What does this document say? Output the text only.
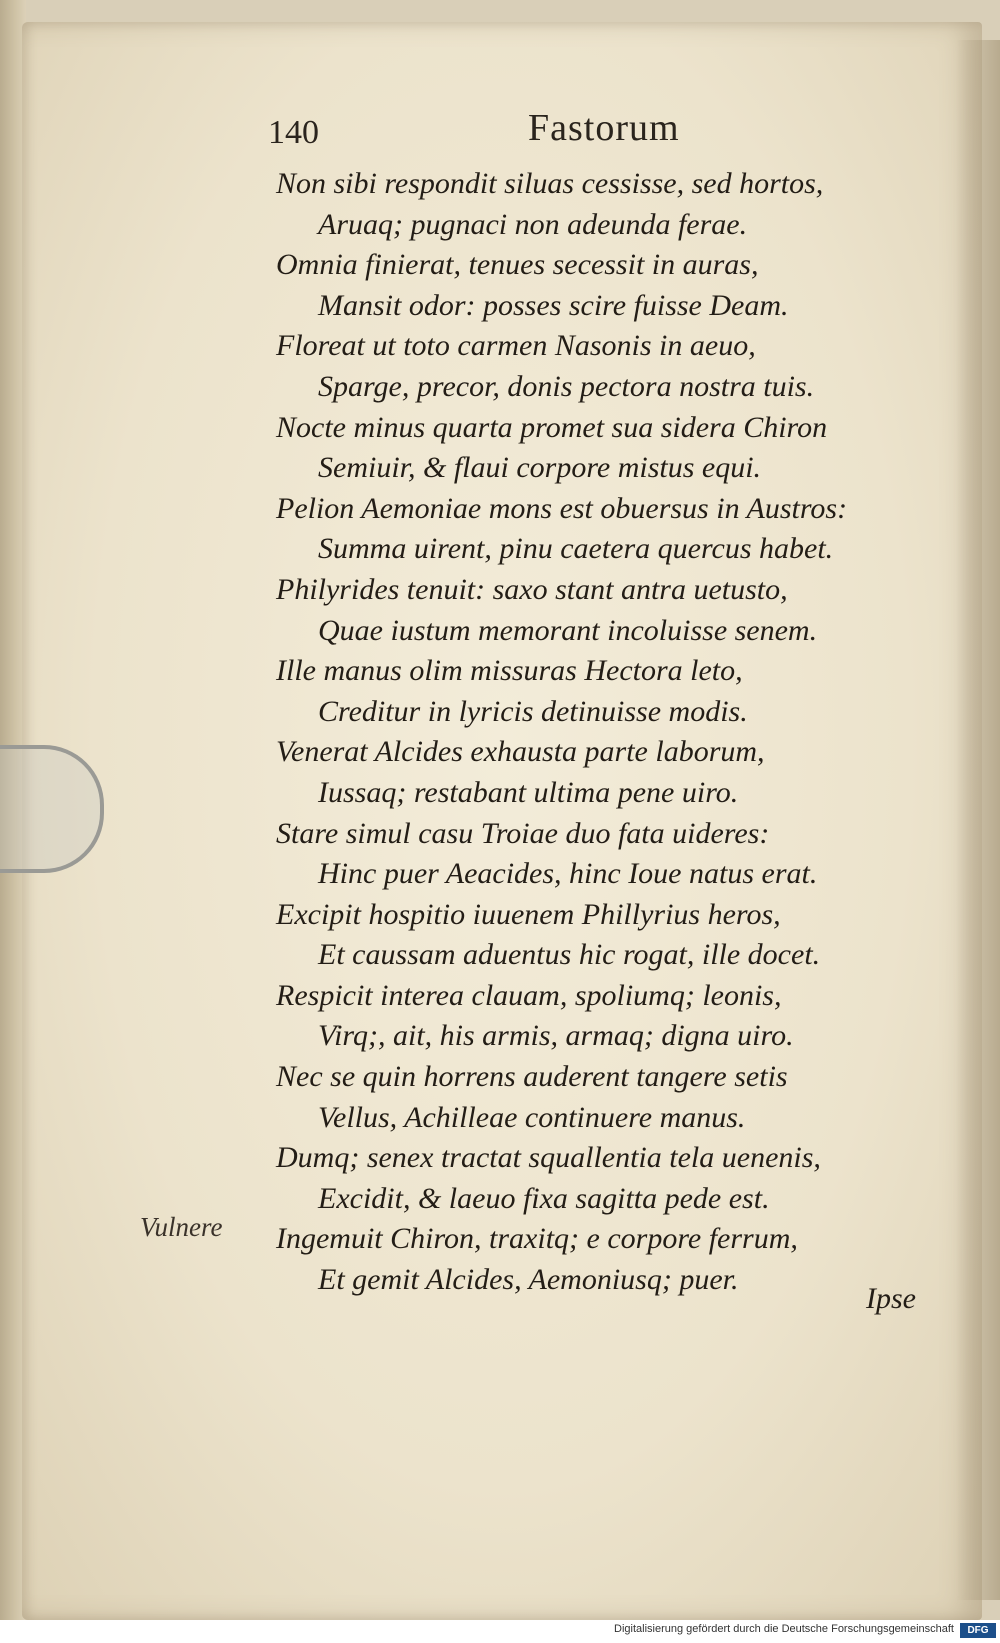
140	Fastorum
Non sibi respondit siluas cessisse, sed hortos,
Aruaq; pugnaci non adeunda ferae.
Omnia finierat, tenues secessit in auras,
Mansit odor: posses scire fuisse Deam.
Floreat ut toto carmen Nasonis in aeuo,
Sparge, precor, donis pectora nostra tuis.
Nocte minus quarta promet sua sidera Chiron
Semiuir, & flaui corpore mistus equi.
Pelion Aemoniae mons est obuersus in Austros:
Summa uirent, pinu caetera quercus habet.
Philyrides tenuit: saxo stant antra uetusto,
Quae iustum memorant incoluisse senem.
Ille manus olim missuras Hectora leto,
Creditur in lyricis detinuisse modis.
Venerat Alcides exhausta parte laborum,
Iussaq; restabant ultima pene uiro.
Stare simul casu Troiae duo fata uideres:
Hinc puer Aeacides, hinc Ioue natus erat.
Excipit hospitio iuuenem Phillyrius heros,
Et caussam aduentus hic rogat, ille docet.
Respicit interea clauam, spoliumq; leonis,
Virq;, ait, his armis, armaq; digna uiro.
Nec se quin horrens auderent tangere setis
Vellus, Achilleae continuere manus.
Dumq; senex tractat squallentia tela uenenis,
Excidit, & laeuo fixa sagitta pede est.
Ingemuit Chiron, traxitq; e corpore ferrum,
Et gemit Alcides, Aemoniusq; puer.
Vulnere
Ipse
Digitalisierung gefördert durch die Deutsche Forschungsgemeinschaft	DFG
